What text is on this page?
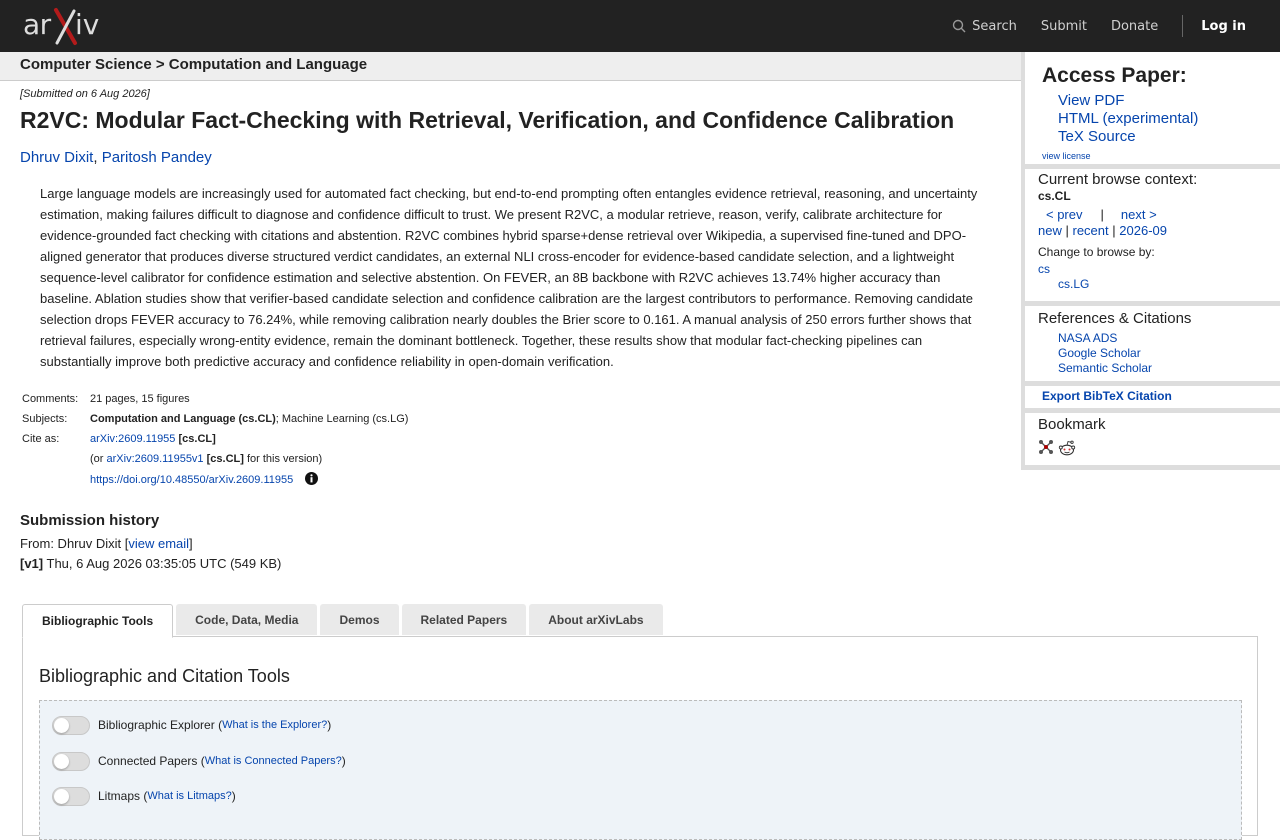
ar iv	Search Submit Donate	Log in
Computer Science > Computation and Language
[Submitted on 6 Aug 2026]
R2VC: Modular Fact-Checking with Retrieval, Verification, and Confidence Calibration
Dhruv Dixit, Paritosh Pandey
Large language models are increasingly used for automated fact checking, but end-to-end prompting often entangles evidence retrieval, reasoning, and uncertainty estimation, making failures difficult to diagnose and confidence difficult to trust. We present R2VC, a modular retrieve, reason, verify, calibrate architecture for evidence-grounded fact checking with citations and abstention. R2VC combines hybrid sparse+dense retrieval over Wikipedia, a supervised fine-tuned and DPO-aligned generator that produces diverse structured verdict candidates, an external NLI cross-encoder for evidence-based candidate selection, and a lightweight sequence-level calibrator for confidence estimation and selective abstention. On FEVER, an 8B backbone with R2VC achieves 13.74% higher accuracy than baseline. Ablation studies show that verifier-based candidate selection and confidence calibration are the largest contributors to performance. Removing candidate selection drops FEVER accuracy to 76.24%, while removing calibration nearly doubles the Brier score to 0.161. A manual analysis of 250 errors further shows that retrieval failures, especially wrong-entity evidence, remain the dominant bottleneck. Together, these results show that modular fact-checking pipelines can substantially improve both predictive accuracy and confidence reliability in open-domain verification.
Comments:	21 pages, 15 figures
Subjects:	Computation and Language (cs.CL); Machine Learning (cs.LG)
Cite as:	arXiv:2609.11955 [cs.CL]
	(or arXiv:2609.11955v1 [cs.CL] for this version)
	https://doi.org/10.48550/arXiv.2609.11955
Submission history
From: Dhruv Dixit [view email]
[v1] Thu, 6 Aug 2026 03:35:05 UTC (549 KB)
Bibliographic Tools	Code, Data, Media	Demos	Related Papers	About arXivLabs
Bibliographic and Citation Tools
Bibliographic Explorer ( What is the Explorer? )
Connected Papers ( What is Connected Papers? )
Litmaps ( What is Litmaps? )
Access Paper:
View PDF
HTML (experimental)
TeX Source
view license
Current browse context:
cs.CL
< prev | next >
new | recent | 2026-09
Change to browse by:
cs
cs.LG
References & Citations
NASA ADS
Google Scholar
Semantic Scholar
Export BibTeX Citation
Bookmark
